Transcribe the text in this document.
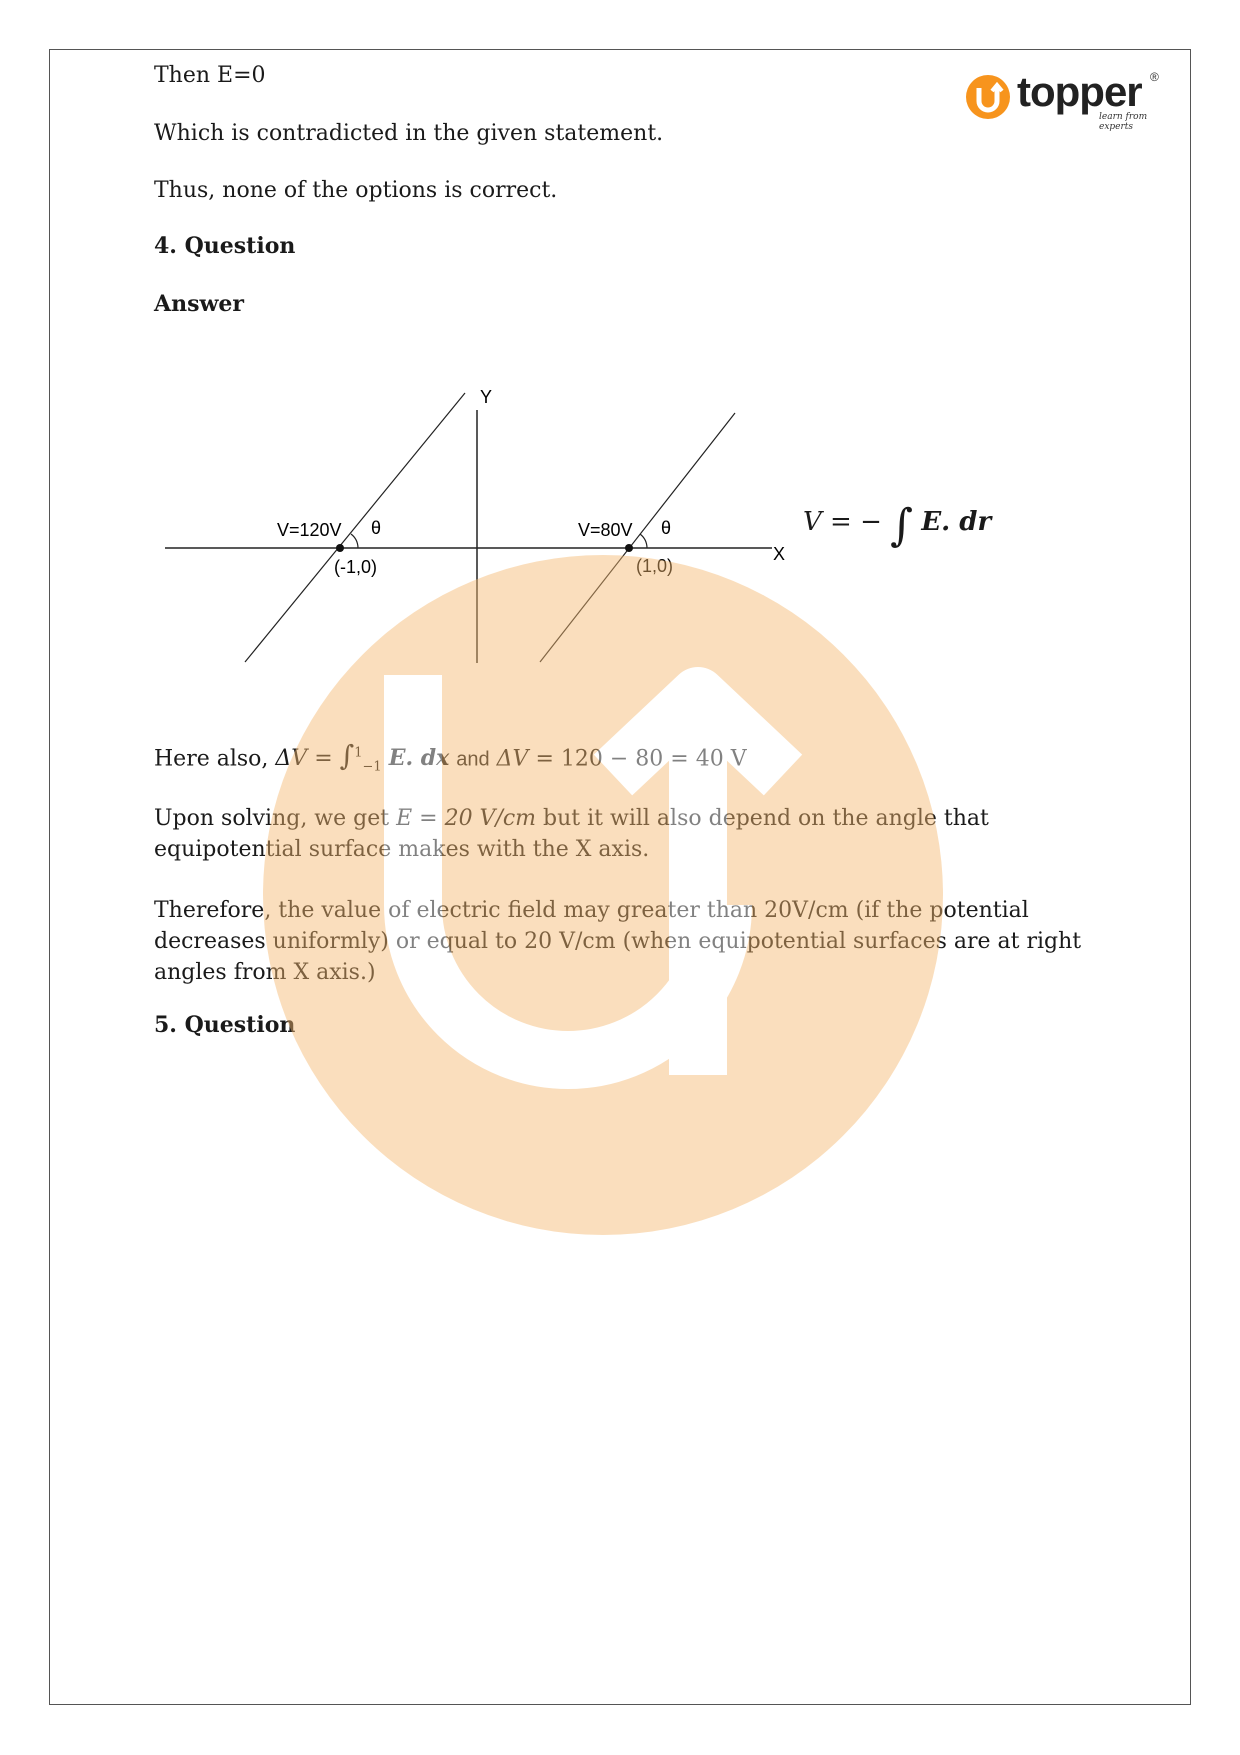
topper ®
learn from experts

Then E=0

Which is contradicted in the given statement.

Thus, none of the options is correct.

4. Question

Answer

Y
X
V=120V	V=80V
θ	θ
(-1,0)	(1,0)
V = − ∫ E. dr

Here also, ΔV = ∫$^1_{-1}$ E. dx and ΔV = 120 − 80 = 40 V

Upon solving, we get E = 20 V/cm but it will also depend on the angle that equipotential surface makes with the X axis.

Therefore, the value of electric field may greater than 20V/cm (if the potential decreases uniformly) or equal to 20 V/cm (when equipotential surfaces are at right angles from X axis.)

5. Question
